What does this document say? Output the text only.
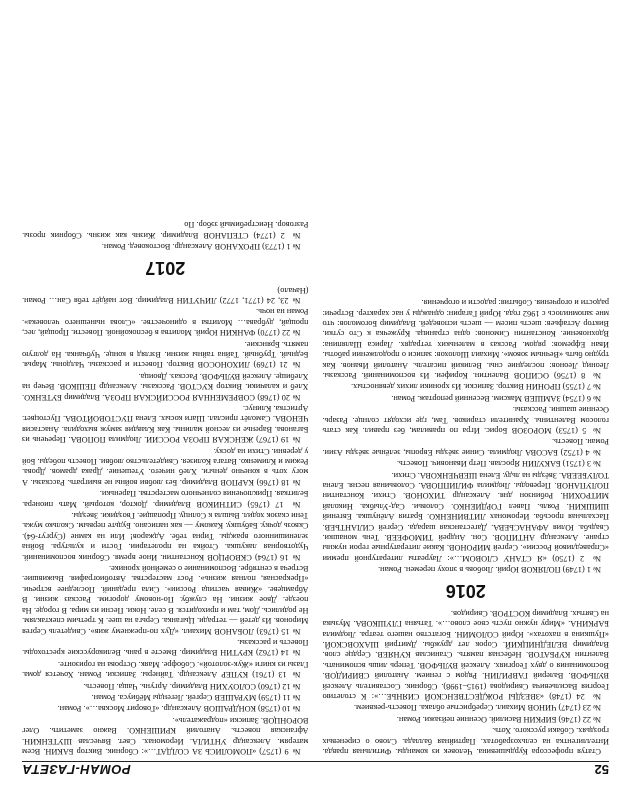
52
РОМАН-ГАЗЕТА
Статуя профессора Курдышевина. Человек из команды. Фитильная правда. Интеллигентка на сельхозработах. Партийная баллада. Слово о сиреневых гроздьях. Собаки русского. Хоть.
№ 22 (1746) БИРКИН Василий. Осенние пейзажи. Роман.
№ 23 (1747) ЧИНОВ Михаил. Серебристые облака. Повесть-реквием.
№ 24 (1748) «ЗВЕЗДЫ РОЖДЕСТВЕНСКОЙ СИЯНЬЕ…»: К столетию Георгия Васильевича Свиридова (1915–1998). Сборник. Составитель Алексей ВУЛЬФОВ. Валерий ГАВРИЛИН. Рядом с гением. Анатолий СВИРИДОВ. Воспоминания о двух Георгиях. Алексей ВУЛЬФОВ. Теперь лишь вспоминать. Валентин КУРБАТОВ. Небесная память. Станислав КУНЯЕВ. Сердце слов. Владимир ВЕЛЕДНИЦКИЙ. Сорок лет дружбы. Дмитрий ШАХОВСКОЙ. «Пушкина в пахотах». Юрий СОЛОМИН. Богатство нашего театра. Людмила БАРКИНА. «Миру нужно пусть свое слово…». Татьяна ГЛУШКОВА. Музыка на Святых. Владимир КОСТРОВ. Свиридов.
2016
№ 1 (1749) ПОЛЯКОВ Юрий. Любовь в эпоху перемен. Роман.
№ 2 (1750) «Я СТАНУ СЛОВОМ…»: Лауреаты литературной премии «Справедливой России». Сергей МИРОНОВ. Какие литературные герои нужны стране. Александр АНТИПОВ. Сон. Андрей ТИМОФЕЕВ. Тень монашки. Свадьба. Юлия АФАНАСЬЕВА. Дагестанская шарада. Сергей СИЛАНТЬЕВ. Пасхальная просьба. Иеромонах ЛИТВИНЕНКО. Братия Алёнушка. Евгений ШИШКИН. Рояль. Павел ГОРДИЕНКО. Соловьи. Сад-Улыбка. Николай МИТРОХИН. Робинзон дня. Александр ТИХОНОВ. Стихи. Константин ПОЛУПАНОВ. Переводы. Людмила ФИЛИППОВА. Соловьиная песня. Елена ТОЛУБЕЕВА. Звёзды на льду. Елена ШЕВЧЕНКОВА. Стихи.
№ 3 (1751) БАКУЛИН Ярослав. Петр Иванович. Повесть.
№ 4 (1752) БАСОВА Людмила. Синие звёзды Европы, зелёные звёзды Азии. Роман. Повесть.
№ 5 (1753) МОРОЗОВ Борис. Игра по правилам, без правил. Как стать голосом Валентины. Хранители стариков. Там, где исходят солнце. Разарь. Осенние шашни. Рассказы.
№ 6 (1754) ЗАМШЕВ Максим. Весенний репортаж. Роман.
№ 7 (1755) ПРОНИН Виктор. Записки. Из хроники лихих девяностых.
№ 8 (1756) ОСИПОВ Валентин. Корифеи. Из воспоминаний. Рассказы. Леонид Леонов: последние сны. Великий писатель. Анатолий Иванов. Как трудно быть «Вечным зовом». Михаил Шолохов: записи о продолжении работы. Иван Ефремов: рядом. Рассказ в маленьких тетрадях. Лариса Шаляпина: Вдохновение. Константин Симонов: одна страница. Кружечка к Сто сутки. Виктор Астафьев: шесть писем — шесть исповедей. Владимир Богомолов: что мне запомнилось с 1962 года. Юрий Гагарин: однажды у нас характер. Встречи: радости и огорчения. События: радости и огорчения.
№ 9 (1757) «ПОМОЛИСЬ ЗА СОЛДАТ…»: Сборник. Виктор БАКИН. Всем матерям. Александр УНТИЛА. Иеромонах. Свет. Вячеслав ШУТЕНКИН. Афганская повесть. Анатолий КРИШЕНКО. Важно заметить. Олег ВОРОНЦОВ. Записки «подражатель».
№ 10 (1758) КОНДРАШОВ Александр. «Говорит Москва…». Роман.
№ 11 (1759) МУРАШЕВ Сергей. Легенды Мёбиуса. Роман.
№ 12 (1760) СОЛОУХИН Владимир. Аргунь. Чаща. Повесть.
№ 13 (1761) КУПЕР Александр. Тайнеры. Записки. Роман. Хочется дома. Глазы из книги «Жук-золотой». Собофре. Маяк. Острова на горизонте.
№ 14 (1762) КРУТИН Владимир. Вместе в рань. Великорусские крестоходы. Повесть и рассказы.
№ 15 (1763) ЛОБАНОВ Михаил. «Дух по-прежнему жив». Свидетель Сергея Миронов. Из детей — тетради. Цыганка. Серьга на шее. К третьим спектаклям. Не родились. Дом, там и приходится. В селе. Ноки. Песни из мира. В городе. На поезде. Двое жизни. На службу. По-новому дорогим. Рассказ жизни. В Абрамцеве. «Живая частица России». Сила преданий. Последнее встречи. «Прекрасная, полная жизнь». Рост мастерства. Автобиография. Выжившие. Встреча в сентябре. Воспоминание о семейной хронике.
№ 16 (1764) СКВОРЦОВ Константин. Иное время. Сборник воспоминаний. Чудотворная лакушка. Стойка на пролетарии. Гости и культура. Война зеленишинного вражды. Тирна тебе. Аджаров! Или на камне (Сургут-64). Сквозь дочку. Бабушку. Кажому — как написано. Будьте первым. Сколько мужа. Тени сказок ходил. Вышла к Солнцу. Пропащие. Гвоздики. Звезды.
№ 17 (1765) СИТНИКОВ Владимир. Доктор, который. Мать пионера. Белиткая. Приключения солнечного мастерства. Пареньки.
№ 18 (1766) КАРПОВ Владимир. Без любви войны не выиграть. Рассказы. А могу хоть в конечно деньги. Хлеб ничего. Утешение. Драка драмов. Дрова. Режим и Клименко. Ватага Колизея. Свидетельство любви. Повесть победы. Бой у деревни. Стихи на доску.
№ 19 (1767) ЖЕНСКАЯ ПРОЗА РОССИИ. Людмила ПОПОВА. Перечень из Баганова. Варенье из лесной малины. Как Клавдия замуж выходила. Анастасия ЧЕНОВА. Самолёт прислал. Шаги косых. Елена ПУСТОВОЙТОВА. Пустоцвет. Артистка. Клинус.
№ 20 (1768) СОВРЕМЕННАЯ РОССИЙСКАЯ ПРОЗА. Владимир БУТЕНКО. Хлеб и калачики. Виктор КУСТОВ. Рассказы. Александр ПЕШКОВ. Вечер на Хлебище. Алексей ВУЛЬФОВ. Рассказ. Двоица.
№ 21 (1769) ЛИХОНОСОВ Виктор. Повести и рассказы. Чалдоны. Марья. Бедный. Трубный. Тайна тайны жизни. Взгляд в конце. Чубчанка. На долгую память. Брянские.
№ 22 (1770) ФАНКИН Юрий. Молитва в беспокойной. Повести. Прощай, лес, прощай, дубрава… Молитва в одиночестве. «Слова нынешнего человека». Роман на ночь.
№ 23, 24 (1771, 1772) ЛИЧУТИН Владимир. Вот найдёт тебя Сан… Роман. (Начало)
2017
№ 1 (1773) ПРОХАНОВ Александр. Востоковед. Роман.
№ 2 (1774) СТЕПАНОВ Владимир. Жизнь как жизнь. Сборник прозы. Разговор. Неистребимый зэбор. По
